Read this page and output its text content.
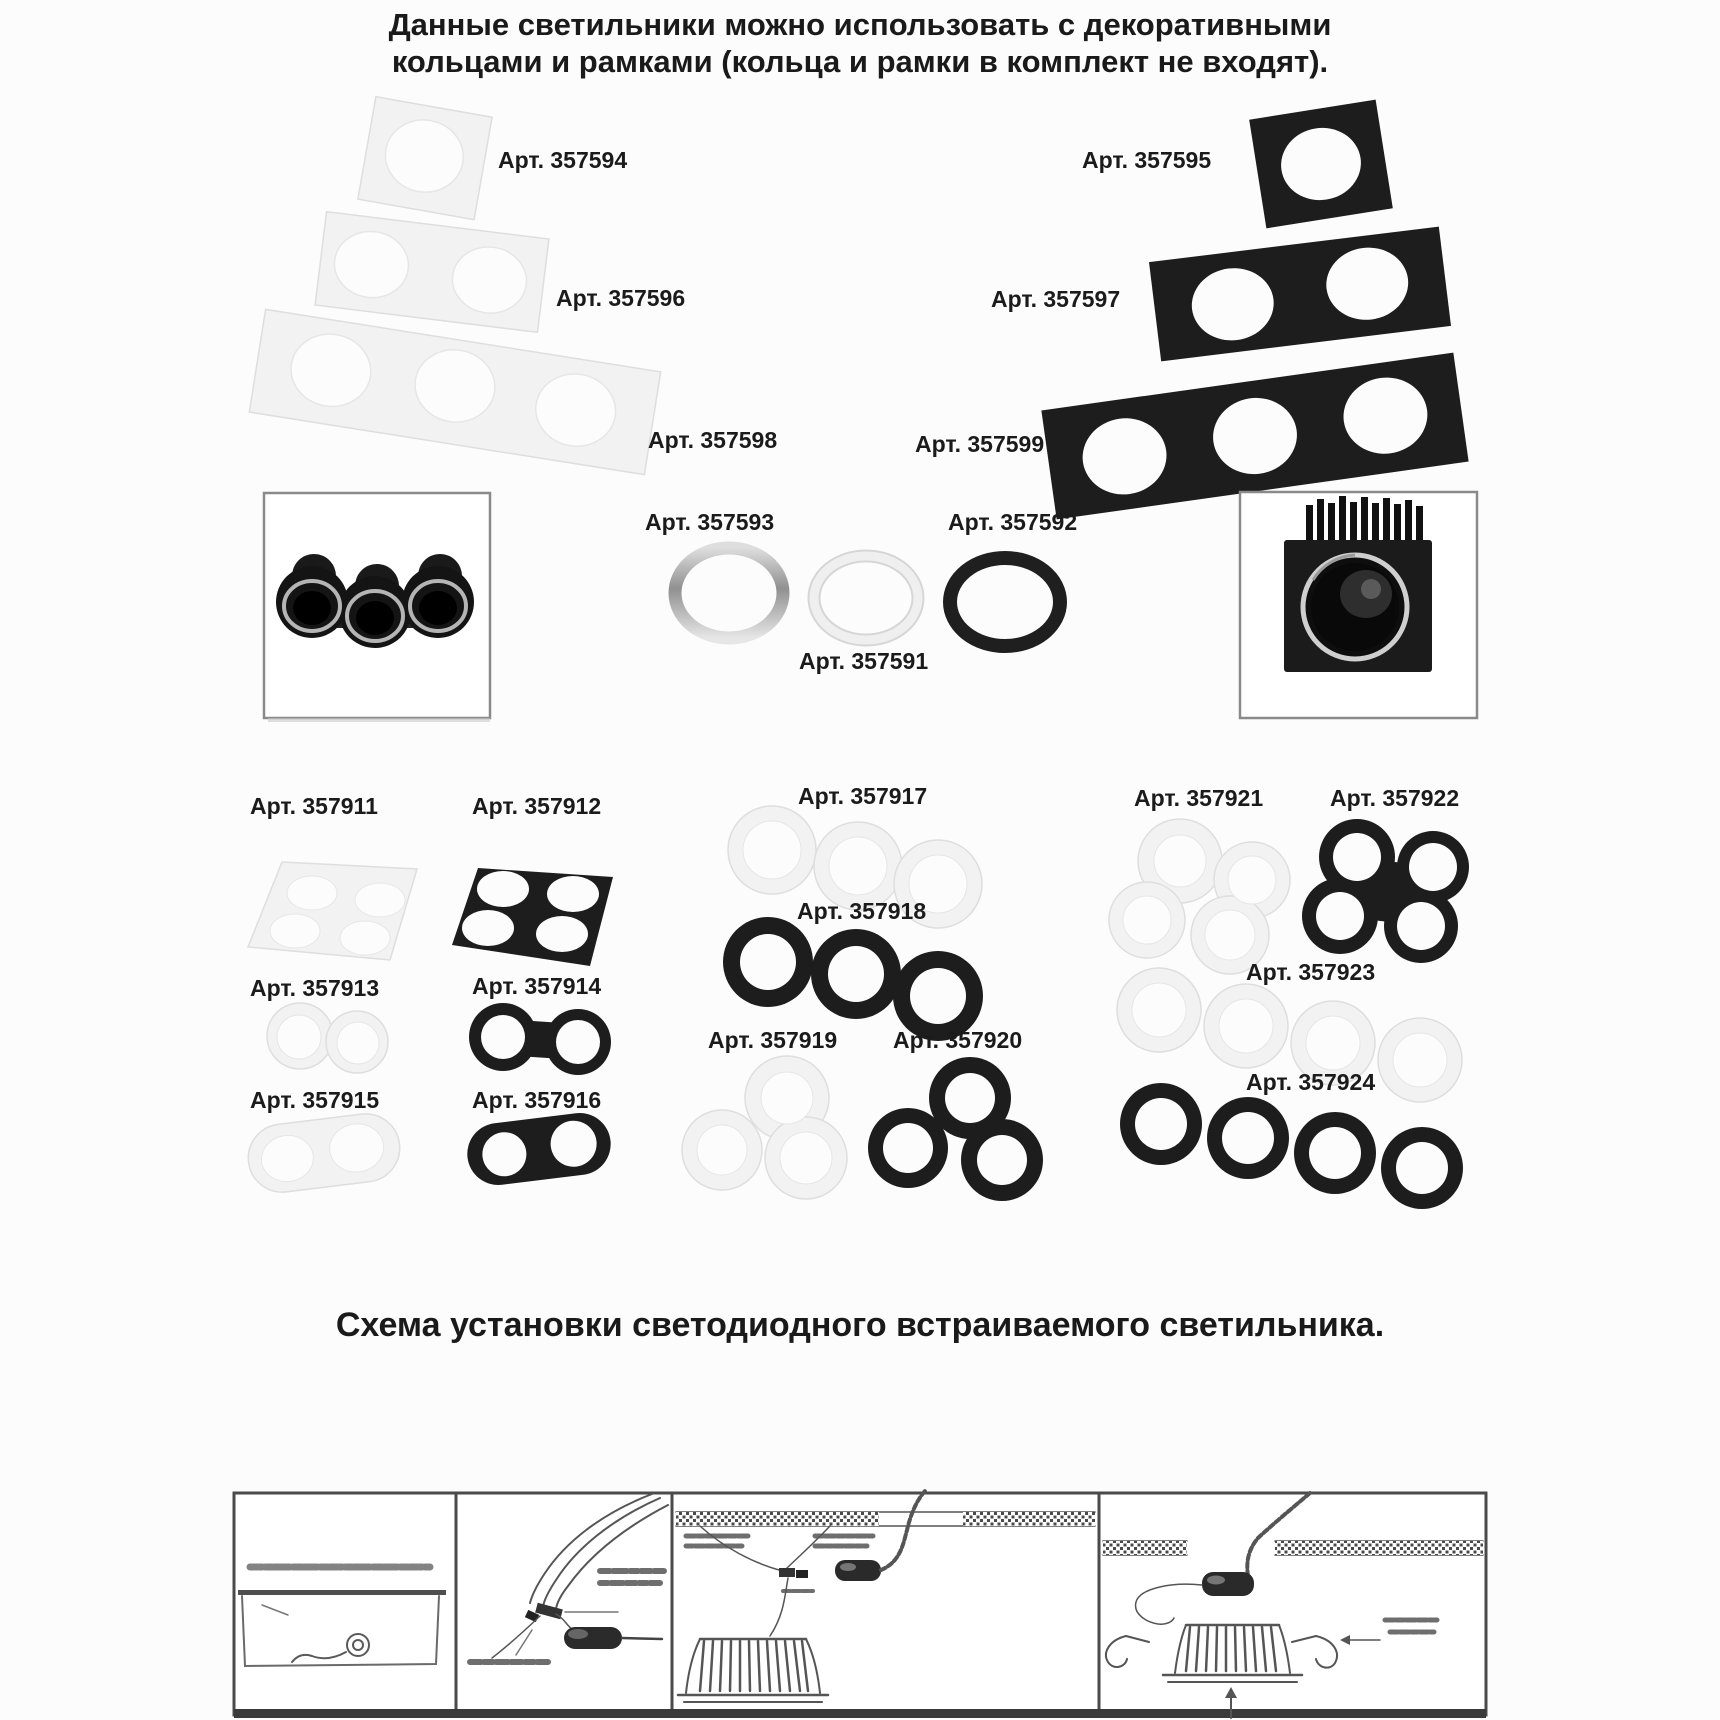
Данные светильники можно использовать с декоративными
кольцами и рамками (кольца и рамки в комплект не входят).
Схема установки светодиодного встраиваемого светильника.
Арт. 357594
Арт. 357596
Арт. 357598
Арт. 357595
Арт. 357597
Арт. 357599
Арт. 357593	Арт. 357592
Арт. 357591
Арт. 357911	Арт. 357912
Арт. 357913	Арт. 357914
Арт. 357915	Арт. 357916
Арт. 357917
Арт. 357918
Арт. 357919 Арт. 357920
Арт. 357921	Арт. 357922
Арт. 357923
Арт. 357924
